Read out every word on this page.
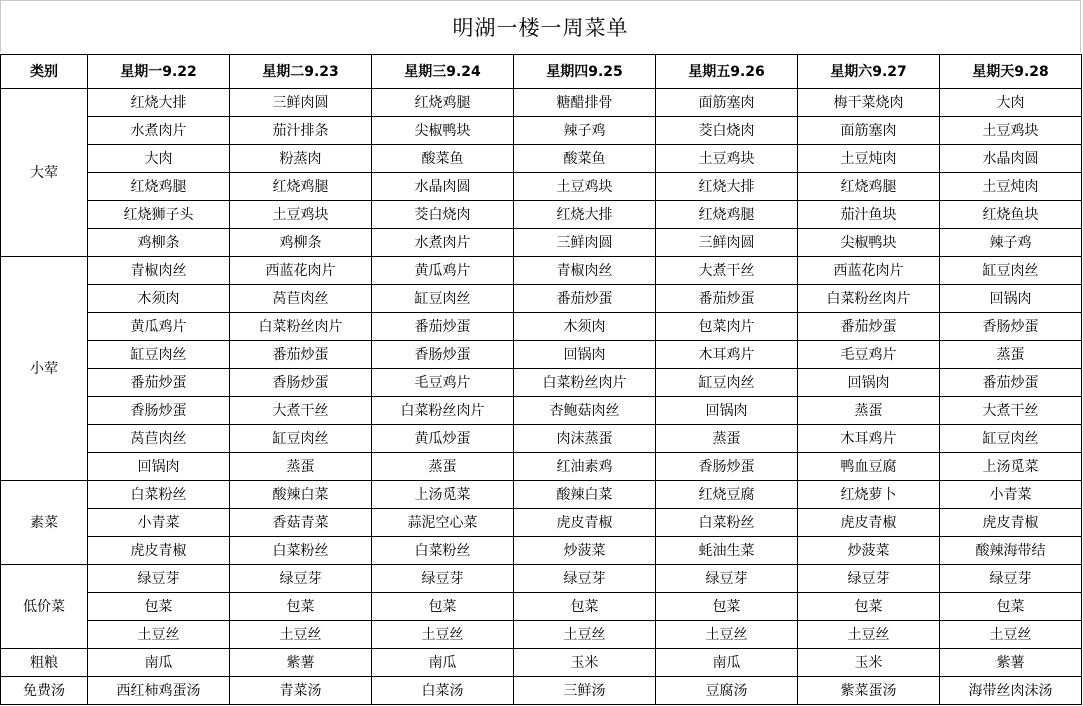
明湖一楼一周菜单
类别	星期一9.22	星期二9.23	星期三9.24	星期四9.25	星期五9.26	星期六9.27	星期天9.28
大荤	红烧大排	三鲜肉圆	红烧鸡腿	糖醋排骨	面筋塞肉	梅干菜烧肉	大肉
	水煮肉片	茄汁排条	尖椒鸭块	辣子鸡	茭白烧肉	面筋塞肉	土豆鸡块
	大肉	粉蒸肉	酸菜鱼	酸菜鱼	土豆鸡块	土豆炖肉	水晶肉圆
	红烧鸡腿	红烧鸡腿	水晶肉圆	土豆鸡块	红烧大排	红烧鸡腿	土豆炖肉
	红烧狮子头	土豆鸡块	茭白烧肉	红烧大排	红烧鸡腿	茄汁鱼块	红烧鱼块
	鸡柳条	鸡柳条	水煮肉片	三鲜肉圆	三鲜肉圆	尖椒鸭块	辣子鸡
小荤	青椒肉丝	西蓝花肉片	黄瓜鸡片	青椒肉丝	大煮干丝	西蓝花肉片	缸豆肉丝
	木须肉	莴苣肉丝	缸豆肉丝	番茄炒蛋	番茄炒蛋	白菜粉丝肉片	回锅肉
	黄瓜鸡片	白菜粉丝肉片	番茄炒蛋	木须肉	包菜肉片	番茄炒蛋	香肠炒蛋
	缸豆肉丝	番茄炒蛋	香肠炒蛋	回锅肉	木耳鸡片	毛豆鸡片	蒸蛋
	番茄炒蛋	香肠炒蛋	毛豆鸡片	白菜粉丝肉片	缸豆肉丝	回锅肉	番茄炒蛋
	香肠炒蛋	大煮干丝	白菜粉丝肉片	杏鲍菇肉丝	回锅肉	蒸蛋	大煮干丝
	莴苣肉丝	缸豆肉丝	黄瓜炒蛋	肉沫蒸蛋	蒸蛋	木耳鸡片	缸豆肉丝
	回锅肉	蒸蛋	蒸蛋	红油素鸡	香肠炒蛋	鸭血豆腐	上汤觅菜
素菜	白菜粉丝	酸辣白菜	上汤觅菜	酸辣白菜	红烧豆腐	红烧萝卜	小青菜
	小青菜	香菇青菜	蒜泥空心菜	虎皮青椒	白菜粉丝	虎皮青椒	虎皮青椒
	虎皮青椒	白菜粉丝	白菜粉丝	炒菠菜	蚝油生菜	炒菠菜	酸辣海带结
低价菜	绿豆芽	绿豆芽	绿豆芽	绿豆芽	绿豆芽	绿豆芽	绿豆芽
	包菜	包菜	包菜	包菜	包菜	包菜	包菜
	土豆丝	土豆丝	土豆丝	土豆丝	土豆丝	土豆丝	土豆丝
粗粮	南瓜	紫薯	南瓜	玉米	南瓜	玉米	紫薯
免费汤	西红柿鸡蛋汤	青菜汤	白菜汤	三鲜汤	豆腐汤	紫菜蛋汤	海带丝肉沫汤
